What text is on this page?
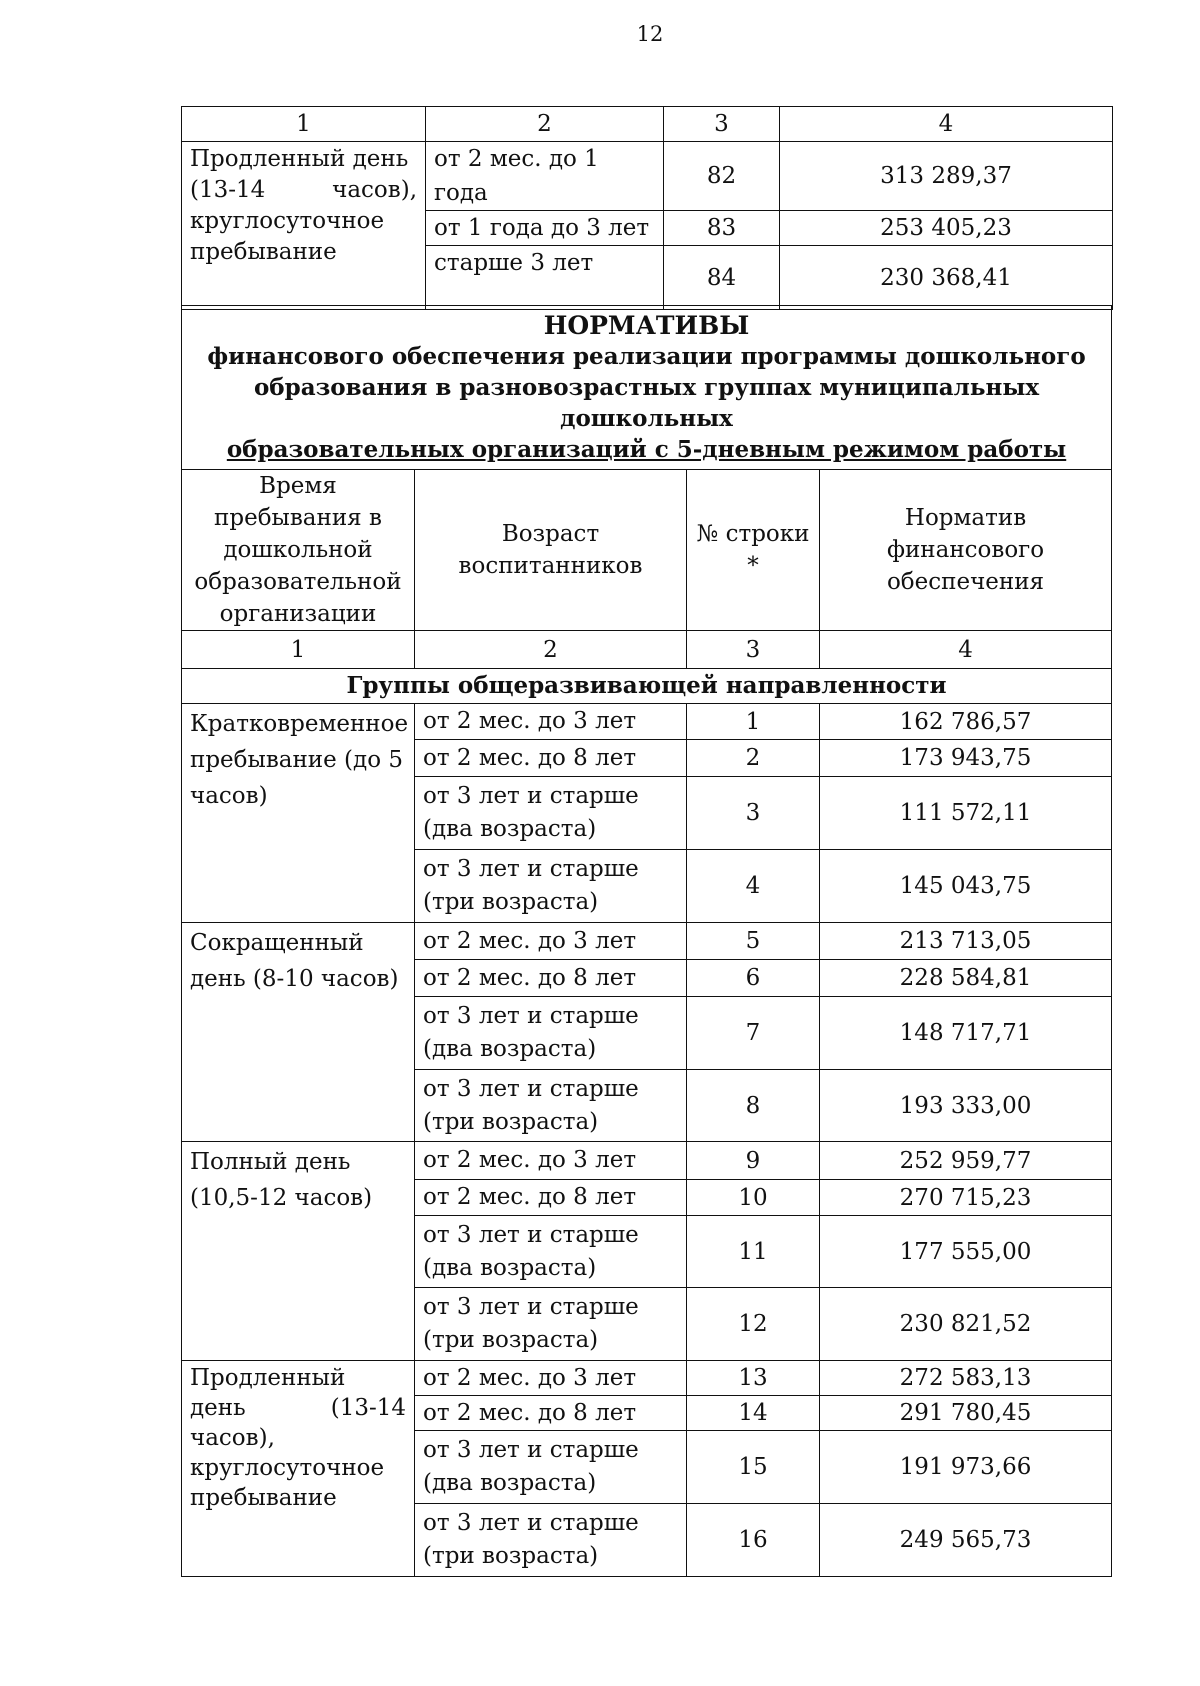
12
1	2	3	4

Продленный день
(13-14 часов),
круглосуточное
пребывание	от 2 мес. до 1 года	82	313 289,37
	от 1 года до 3 лет	83	253 405,23
	старше 3 лет	84	230 368,41
НОРМАТИВЫ
финансового обеспечения реализации программы дошкольного
образования в разновозрастных группах муниципальных дошкольных
образовательных организаций с 5-дневным режимом работы			

Время пребывания в дошкольной образовательной организации	Возраст воспитанников	№ строки *	Норматив финансового обеспечения
1	2	3	4
Группы общеразвивающей направленности			
Кратковременное пребывание (до 5 часов)	от 2 мес. до 3 лет	1	162 786,57
	от 2 мес. до 8 лет	2	173 943,75
	от 3 лет и старше (два возраста)	3	111 572,11
	от 3 лет и старше (три возраста)	4	145 043,75
Сокращенный день (8-10 часов)	от 2 мес. до 3 лет	5	213 713,05
	от 2 мес. до 8 лет	6	228 584,81
	от 3 лет и старше (два возраста)	7	148 717,71
	от 3 лет и старше (три возраста)	8	193 333,00
Полный день (10,5-12 часов)	от 2 мес. до 3 лет	9	252 959,77
	от 2 мес. до 8 лет	10	270 715,23
	от 3 лет и старше (два возраста)	11	177 555,00
	от 3 лет и старше (три возраста)	12	230 821,52
Продленный день (13-14 часов), круглосуточное пребывание	от 2 мес. до 3 лет	13	272 583,13
	от 2 мес. до 8 лет	14	291 780,45
	от 3 лет и старше (два возраста)	15	191 973,66
	от 3 лет и старше (три возраста)	16	249 565,73
